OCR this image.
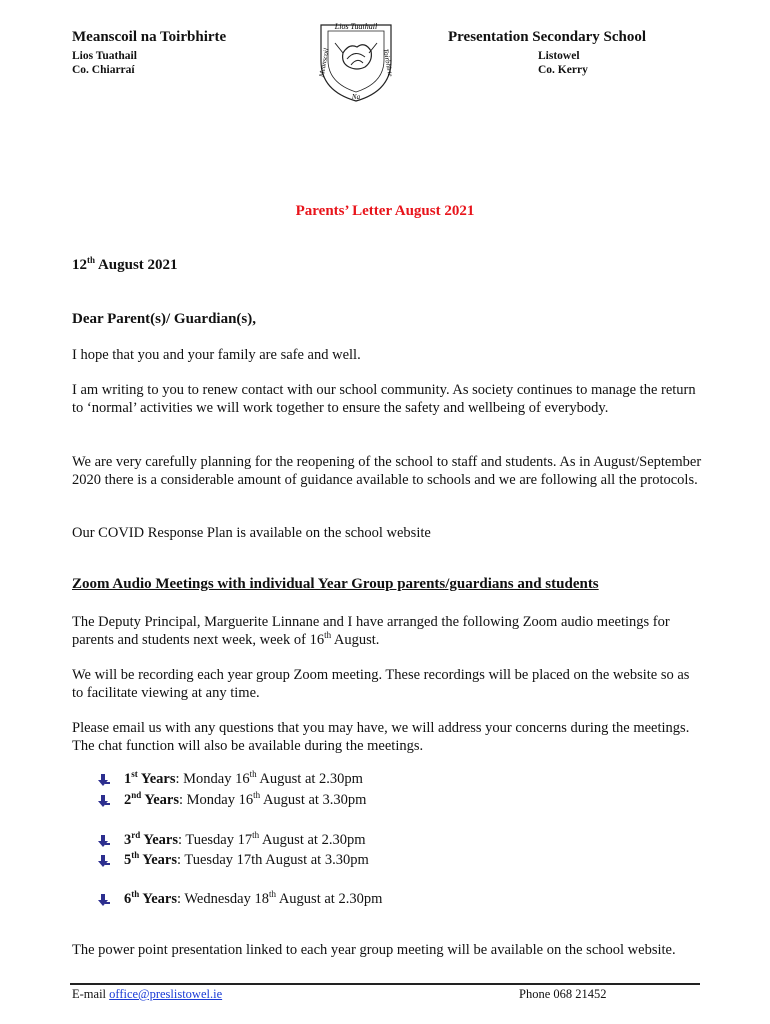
Meanscoil na Toirbhirte
Lios Tuathail
Co. Chiarraí
Lios Tuathail
Meanscoil	Toirbhirte
Na
Presentation Secondary School
Listowel
Co. Kerry
Parents’ Letter August 2021
12th August 2021
Dear Parent(s)/ Guardian(s),
I hope that you and your family are safe and well.
I am writing to you to renew contact with our school community. As society continues to manage the return to ‘normal’ activities we will work together to ensure the safety and wellbeing of everybody.
We are very carefully planning for the reopening of the school to staff and students. As in August/September 2020 there is a considerable amount of guidance available to schools and we are following all the protocols.
Our COVID Response Plan is available on the school website
Zoom Audio Meetings with individual Year Group parents/guardians and students
The Deputy Principal, Marguerite Linnane and I have arranged the following Zoom audio meetings for parents and students next week, week of 16th August.
We will be recording each year group Zoom meeting. These recordings will be placed on the website so as to facilitate viewing at any time.
Please email us with any questions that you may have, we will address your concerns during the meetings. The chat function will also be available during the meetings.
1st Years: Monday 16th August at 2.30pm
2nd Years: Monday 16th August at 3.30pm
3rd Years: Tuesday 17th August at 2.30pm
5th Years: Tuesday 17th August at 3.30pm
6th Years: Wednesday 18th August at 2.30pm
The power point presentation linked to each year group meeting will be available on the school website.
E-mail office@preslistowel.ie	Phone 068 21452
